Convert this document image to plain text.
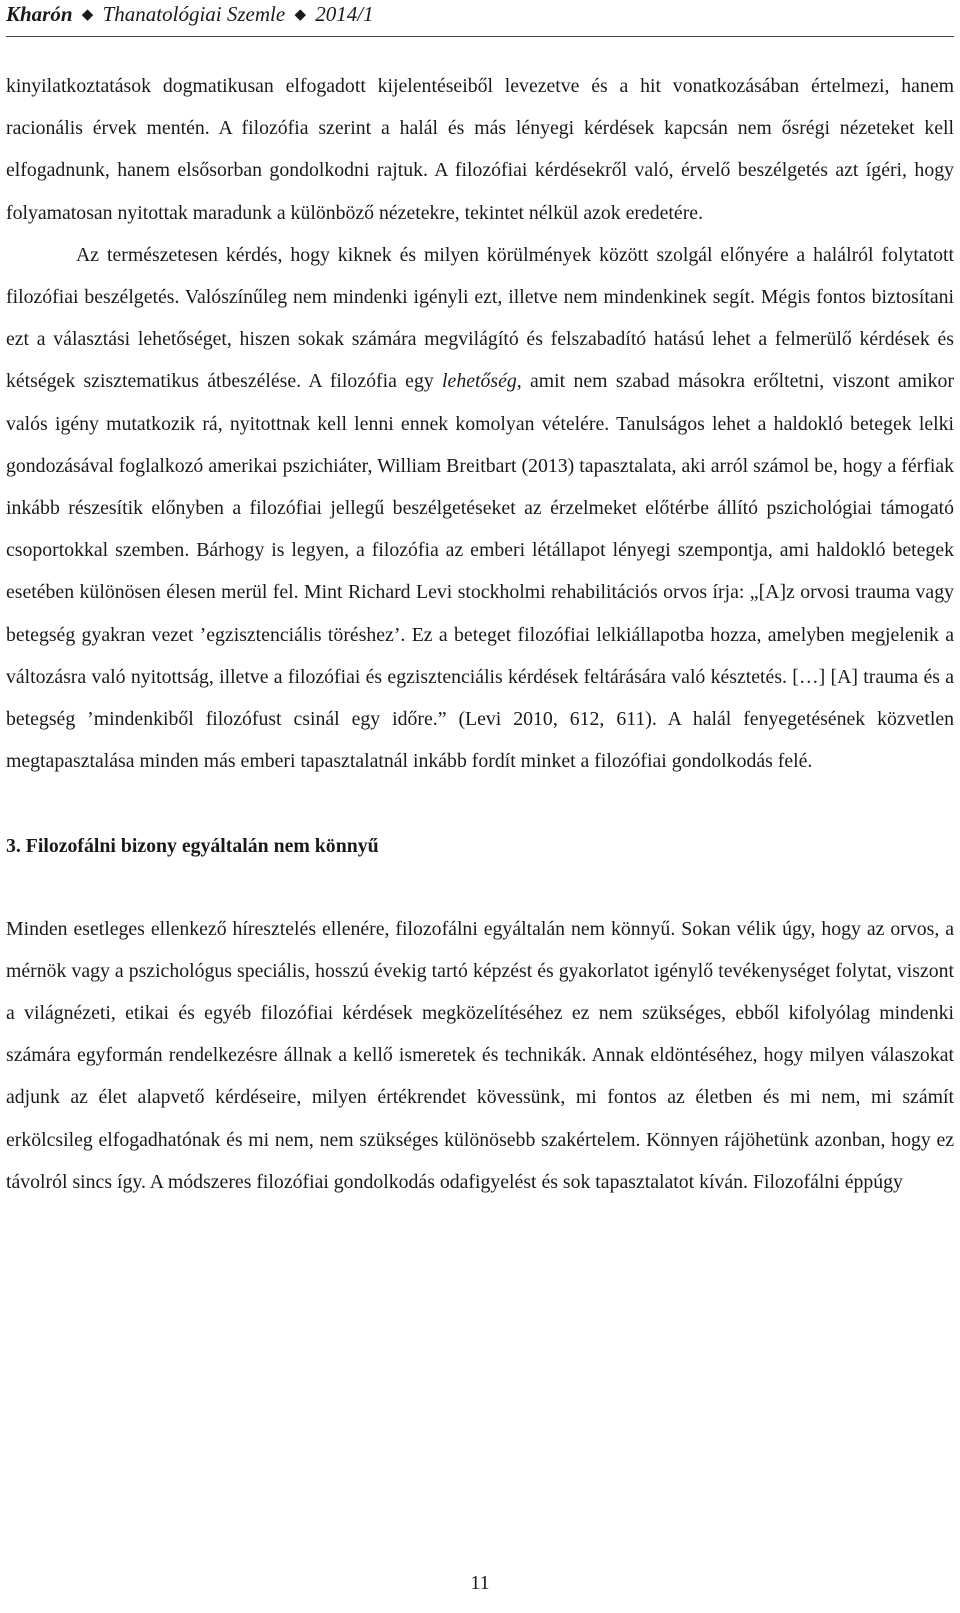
Kharón ◆ Thanatológiai Szemle ◆ 2014/1

kinyilatkoztatások dogmatikusan elfogadott kijelentéseiből levezetve és a hit vonatkozásában értelmezi, hanem racionális érvek mentén. A filozófia szerint a halál és más lényegi kérdések kapcsán nem ősrégi nézeteket kell elfogadnunk, hanem elsősorban gondolkodni rajtuk. A filozófiai kérdésekről való, érvelő beszélgetés azt ígéri, hogy folyamatosan nyitottak maradunk a különböző nézetekre, tekintet nélkül azok eredetére.

Az természetesen kérdés, hogy kiknek és milyen körülmények között szolgál előnyére a halálról folytatott filozófiai beszélgetés. Valószínűleg nem mindenki igényli ezt, illetve nem mindenkinek segít. Mégis fontos biztosítani ezt a választási lehetőséget, hiszen sokak számára megvilágító és felszabadító hatású lehet a felmerülő kérdések és kétségek szisztematikus átbeszélése. A filozófia egy lehetőség, amit nem szabad másokra erőltetni, viszont amikor valós igény mutatkozik rá, nyitottnak kell lenni ennek komolyan vételére. Tanulságos lehet a haldokló betegek lelki gondozásával foglalkozó amerikai pszichiáter, William Breitbart (2013) tapasztalata, aki arról számol be, hogy a férfiak inkább részesítik előnyben a filozófiai jellegű beszélgetéseket az érzelmeket előtérbe állító pszichológiai támogató csoportokkal szemben. Bárhogy is legyen, a filozófia az emberi létállapot lényegi szempontja, ami haldokló betegek esetében különösen élesen merül fel. Mint Richard Levi stockholmi rehabilitációs orvos írja: „[A]z orvosi trauma vagy betegség gyakran vezet ’egzisztenciális töréshez’. Ez a beteget filozófiai lelkiállapotba hozza, amelyben megjelenik a változásra való nyitottság, illetve a filozófiai és egzisztenciális kérdések feltárására való késztetés. […] [A] trauma és a betegség ’mindenkiből filozófust csinál egy időre.” (Levi 2010, 612, 611). A halál fenyegetésének közvetlen megtapasztalása minden más emberi tapasztalatnál inkább fordít minket a filozófiai gondolkodás felé.

3. Filozofálni bizony egyáltalán nem könnyű

Minden esetleges ellenkező híresztelés ellenére, filozofálni egyáltalán nem könnyű. Sokan vélik úgy, hogy az orvos, a mérnök vagy a pszichológus speciális, hosszú évekig tartó képzést és gyakorlatot igénylő tevékenységet folytat, viszont a világnézeti, etikai és egyéb filozófiai kérdések megközelítéséhez ez nem szükséges, ebből kifolyólag mindenki számára egyformán rendelkezésre állnak a kellő ismeretek és technikák. Annak eldöntéséhez, hogy milyen válaszokat adjunk az élet alapvető kérdéseire, milyen értékrendet kövessünk, mi fontos az életben és mi nem, mi számít erkölcsileg elfogadhatónak és mi nem, nem szükséges különösebb szakértelem. Könnyen rájöhetünk azonban, hogy ez távolról sincs így. A módszeres filozófiai gondolkodás odafigyelést és sok tapasztalatot kíván. Filozofálni éppúgy

11
